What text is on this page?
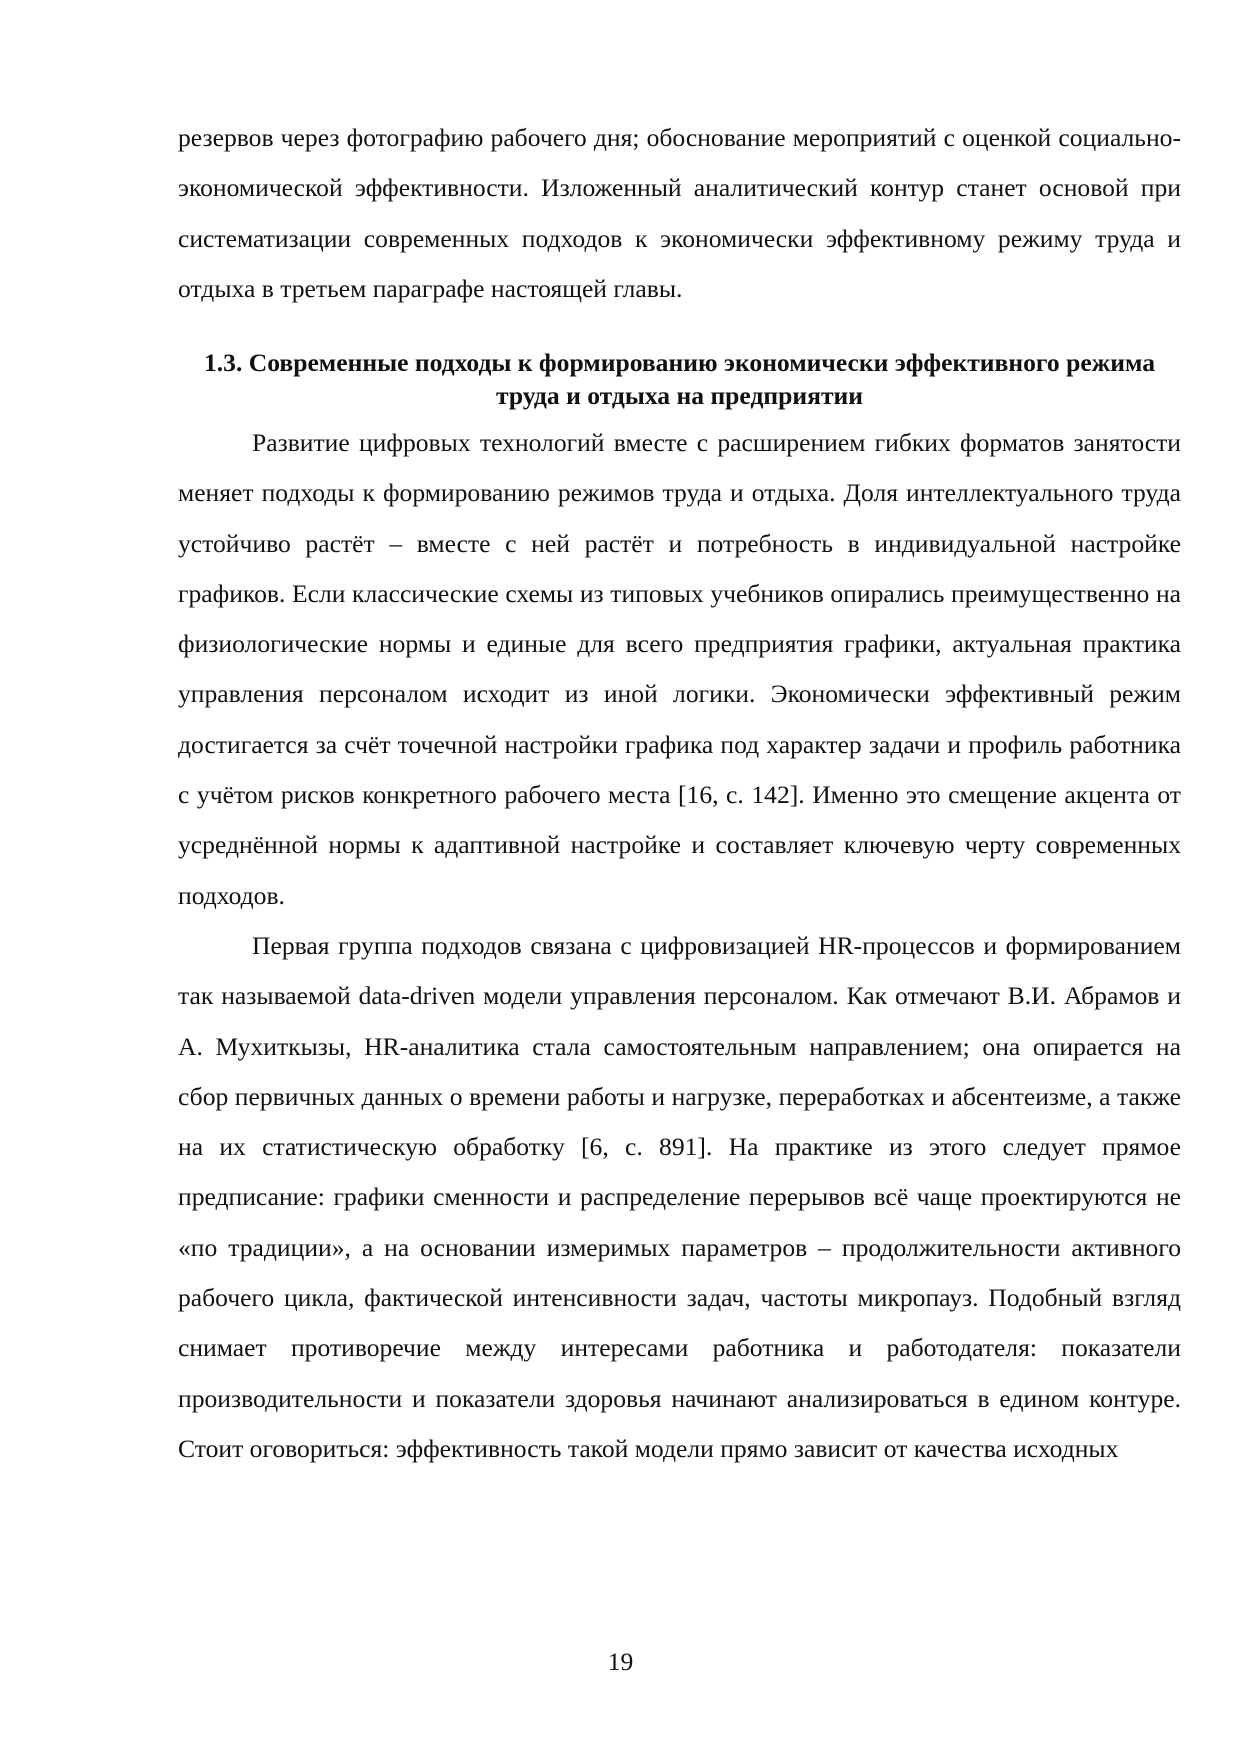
резервов через фотографию рабочего дня; обоснование мероприятий с оценкой социально-экономической эффективности. Изложенный аналитический контур станет основой при систематизации современных подходов к экономически эффективному режиму труда и отдыха в третьем параграфе настоящей главы.

1.3. Современные подходы к формированию экономически эффективного режима труда и отдыха на предприятии

Развитие цифровых технологий вместе с расширением гибких форматов занятости меняет подходы к формированию режимов труда и отдыха. Доля интеллектуального труда устойчиво растёт – вместе с ней растёт и потребность в индивидуальной настройке графиков. Если классические схемы из типовых учебников опирались преимущественно на физиологические нормы и единые для всего предприятия графики, актуальная практика управления персоналом исходит из иной логики. Экономически эффективный режим достигается за счёт точечной настройки графика под характер задачи и профиль работника с учётом рисков конкретного рабочего места [16, с. 142]. Именно это смещение акцента от усреднённой нормы к адаптивной настройке и составляет ключевую черту современных подходов.

Первая группа подходов связана с цифровизацией HR-процессов и формированием так называемой data-driven модели управления персоналом. Как отмечают В.И. Абрамов и А. Мухиткызы, HR-аналитика стала самостоятельным направлением; она опирается на сбор первичных данных о времени работы и нагрузке, переработках и абсентеизме, а также на их статистическую обработку [6, с. 891]. На практике из этого следует прямое предписание: графики сменности и распределение перерывов всё чаще проектируются не «по традиции», а на основании измеримых параметров – продолжительности активного рабочего цикла, фактической интенсивности задач, частоты микропауз. Подобный взгляд снимает противоречие между интересами работника и работодателя: показатели производительности и показатели здоровья начинают анализироваться в едином контуре. Стоит оговориться: эффективность такой модели прямо зависит от качества исходных

19
